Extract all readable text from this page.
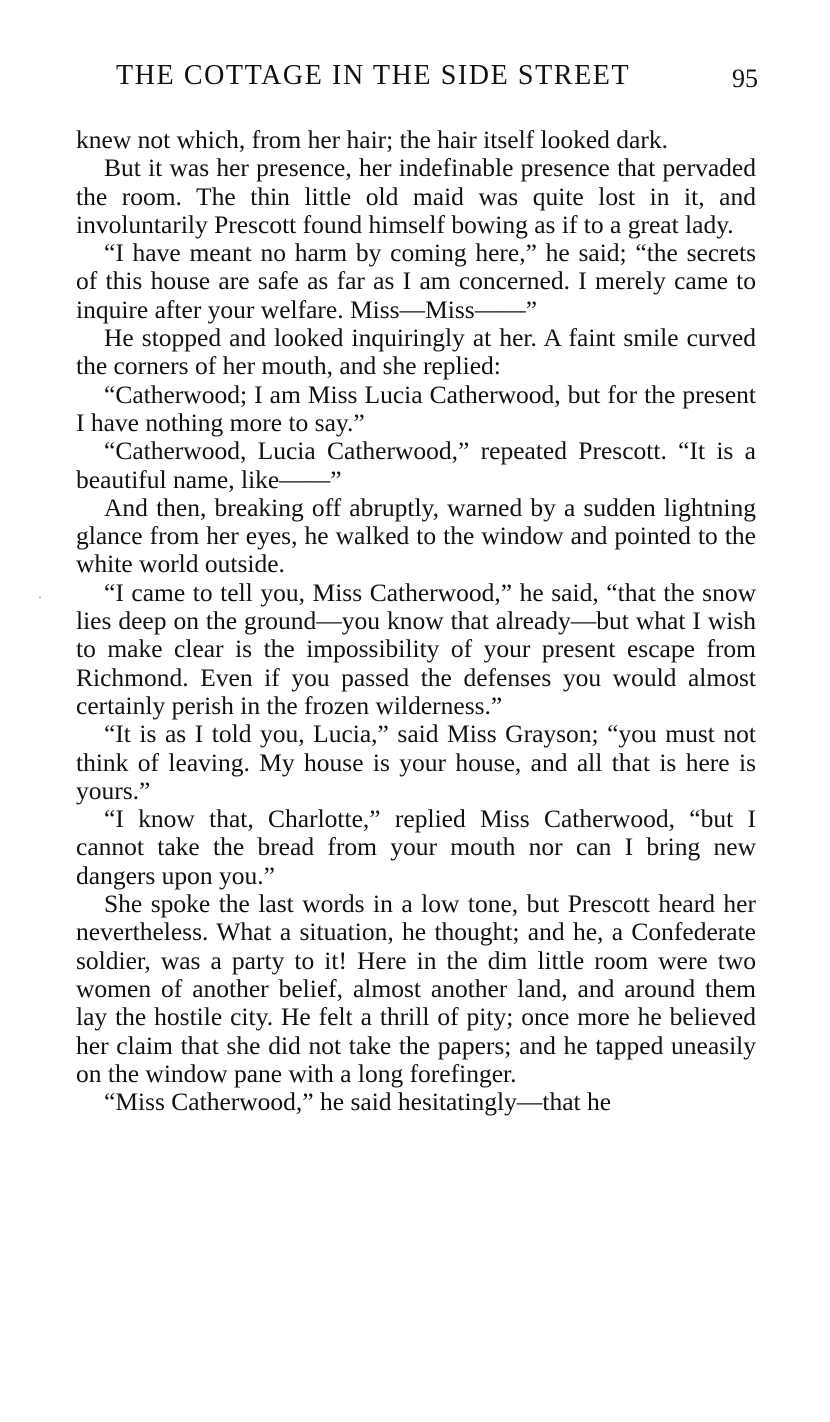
THE COTTAGE IN THE SIDE STREET	95
·

knew not which, from her hair; the hair itself looked dark.

But it was her presence, her indefinable presence that pervaded the room. The thin little old maid was quite lost in it, and involuntarily Prescott found himself bowing as if to a great lady.

“I have meant no harm by coming here,” he said; “the secrets of this house are safe as far as I am concerned. I merely came to inquire after your welfare. Miss—Miss——”

He stopped and looked inquiringly at her. A faint smile curved the corners of her mouth, and she replied:

“Catherwood; I am Miss Lucia Catherwood, but for the present I have nothing more to say.”

“Catherwood, Lucia Catherwood,” repeated Prescott. “It is a beautiful name, like——”

And then, breaking off abruptly, warned by a sudden lightning glance from her eyes, he walked to the window and pointed to the white world outside.

“I came to tell you, Miss Catherwood,” he said, “that the snow lies deep on the ground—you know that already—but what I wish to make clear is the impossibility of your present escape from Richmond. Even if you passed the defenses you would almost certainly perish in the frozen wilderness.”

“It is as I told you, Lucia,” said Miss Grayson; “you must not think of leaving. My house is your house, and all that is here is yours.”

“I know that, Charlotte,” replied Miss Catherwood, “but I cannot take the bread from your mouth nor can I bring new dangers upon you.”

She spoke the last words in a low tone, but Prescott heard her nevertheless. What a situation, he thought; and he, a Confederate soldier, was a party to it! Here in the dim little room were two women of another belief, almost another land, and around them lay the hostile city. He felt a thrill of pity; once more he believed her claim that she did not take the papers; and he tapped uneasily on the window pane with a long forefinger.

“Miss Catherwood,” he said hesitatingly—that he
